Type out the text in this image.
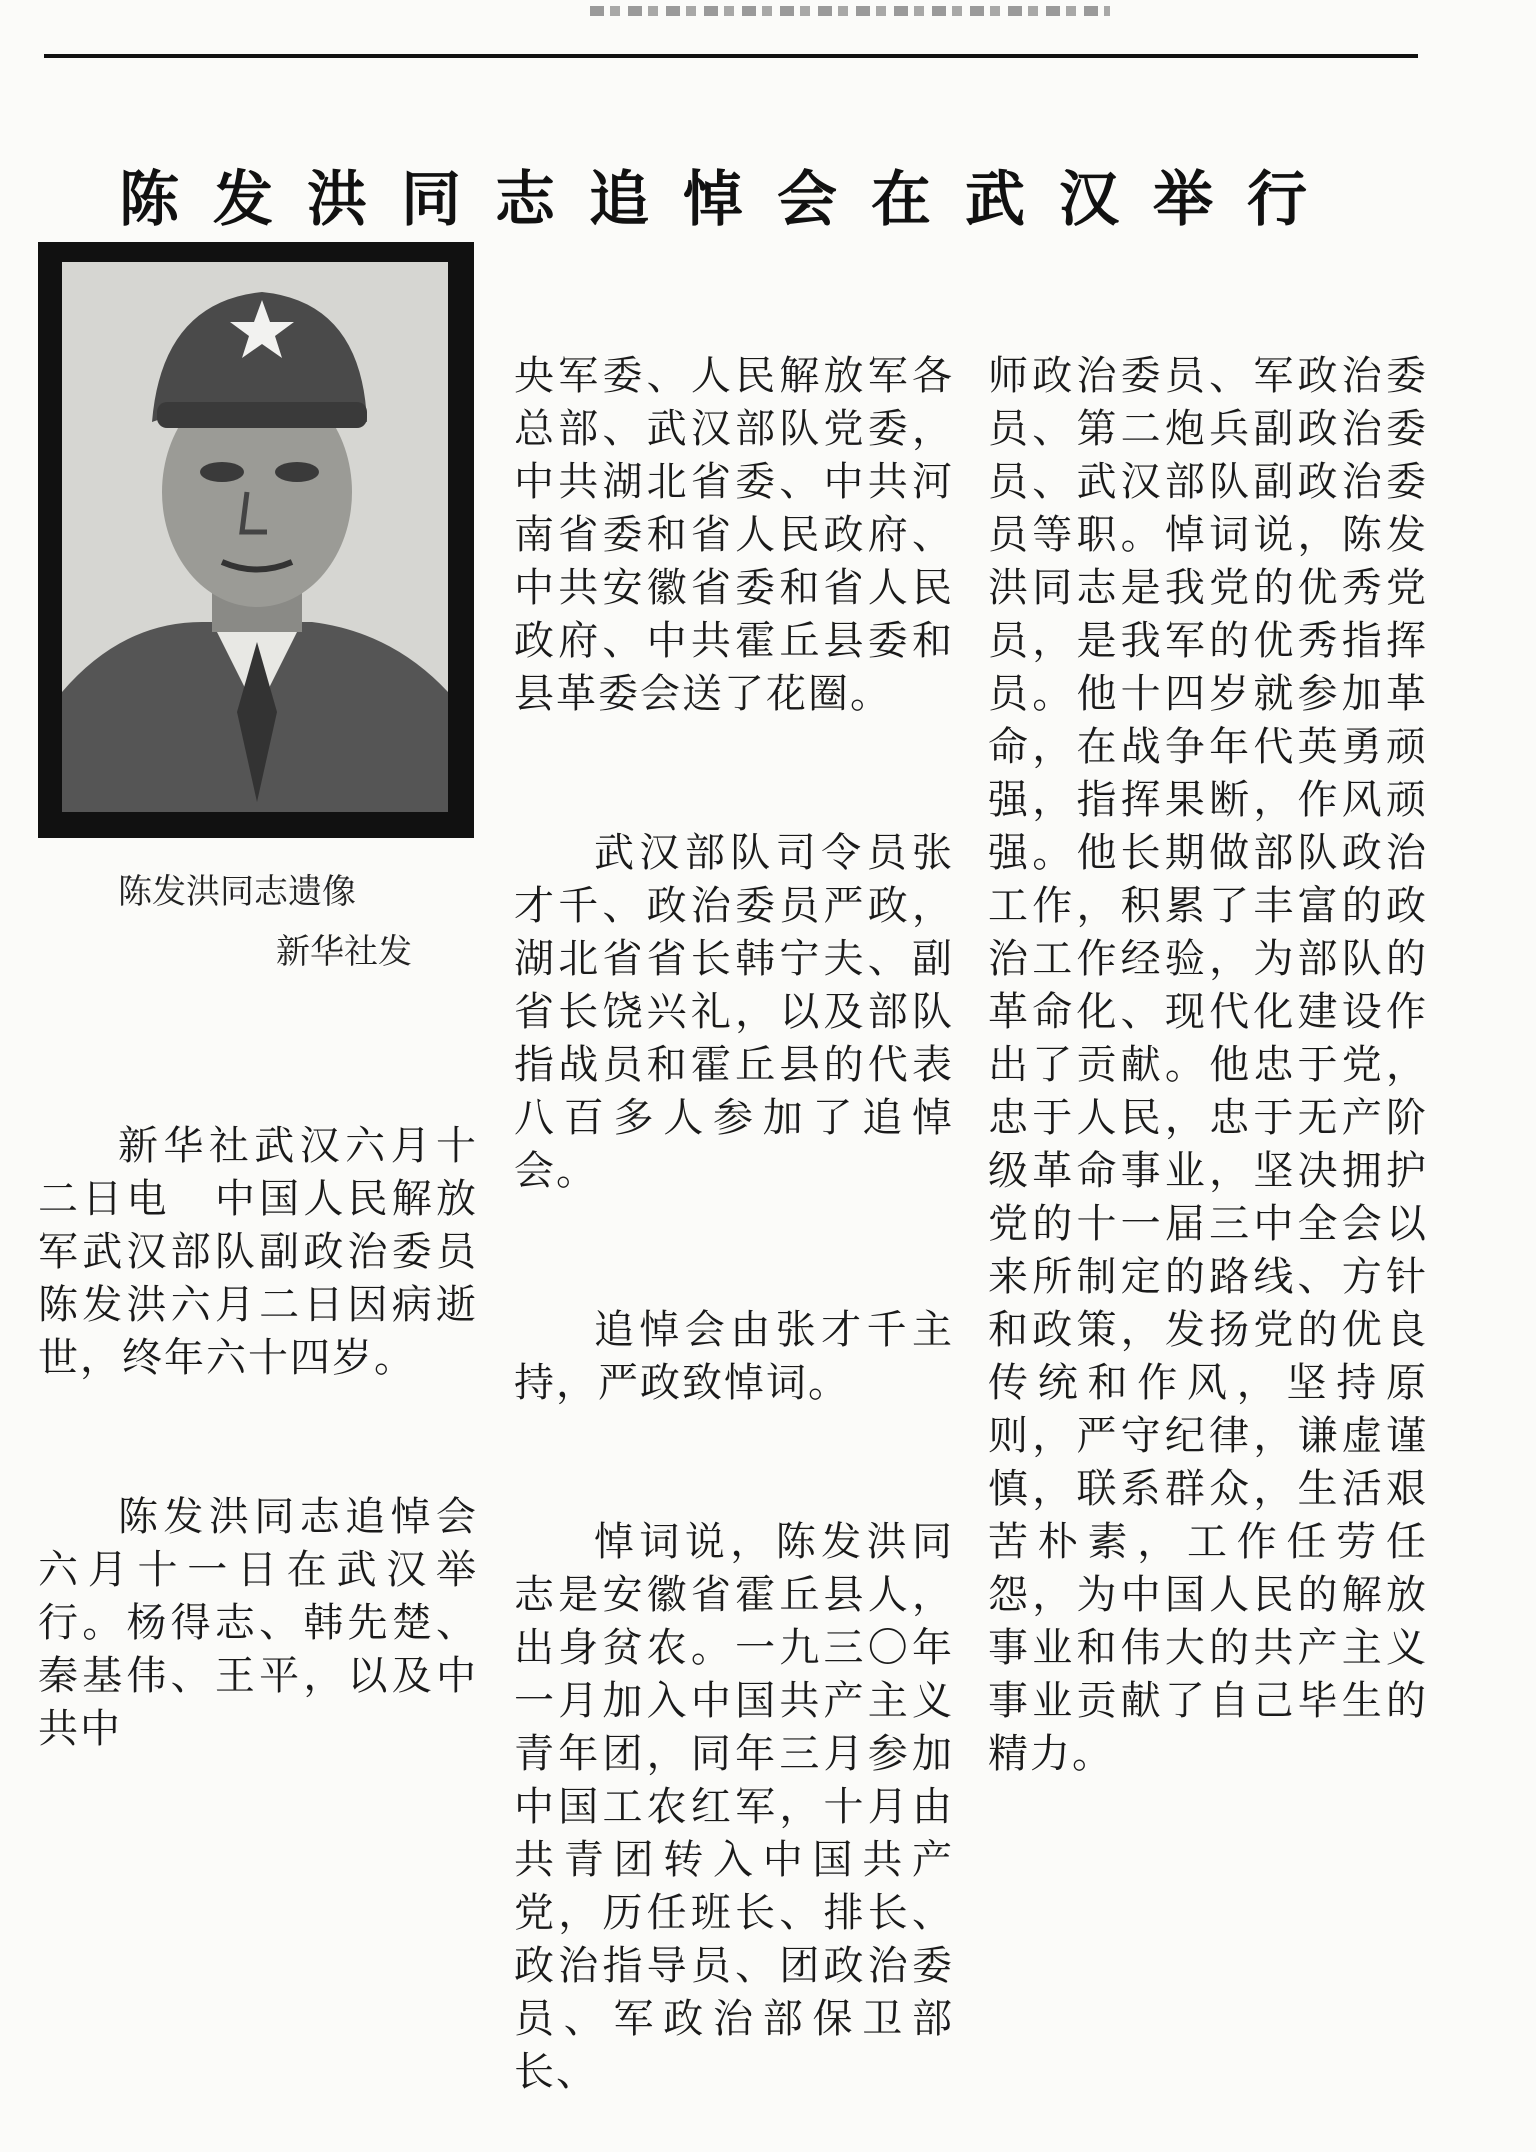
陈发洪同志追悼会在武汉举行
陈发洪同志遗像
新华社发

新华社武汉六月十二日电　中国人民解放军武汉部队副政治委员陈发洪六月二日因病逝世，终年六十四岁。

陈发洪同志追悼会六月十一日在武汉举行。杨得志、韩先楚、秦基伟、王平，以及中共中

央军委、人民解放军各总部、武汉部队党委，中共湖北省委、中共河南省委和省人民政府、中共安徽省委和省人民政府、中共霍丘县委和县革委会送了花圈。

武汉部队司令员张才千、政治委员严政，湖北省省长韩宁夫、副省长饶兴礼，以及部队指战员和霍丘县的代表八百多人参加了追悼会。

追悼会由张才千主持，严政致悼词。

悼词说，陈发洪同志是安徽省霍丘县人，出身贫农。一九三〇年一月加入中国共产主义青年团，同年三月参加中国工农红军，十月由共青团转入中国共产党，历任班长、排长、政治指导员、团政治委员、军政治部保卫部长、

师政治委员、军政治委员、第二炮兵副政治委员、武汉部队副政治委员等职。悼词说，陈发洪同志是我党的优秀党员，是我军的优秀指挥员。他十四岁就参加革命，在战争年代英勇顽强，指挥果断，作风顽强。他长期做部队政治工作，积累了丰富的政治工作经验，为部队的革命化、现代化建设作出了贡献。他忠于党，忠于人民，忠于无产阶级革命事业，坚决拥护党的十一届三中全会以来所制定的路线、方针和政策，发扬党的优良传统和作风，坚持原则，严守纪律，谦虚谨慎，联系群众，生活艰苦朴素，工作任劳任怨，为中国人民的解放事业和伟大的共产主义事业贡献了自己毕生的精力。
